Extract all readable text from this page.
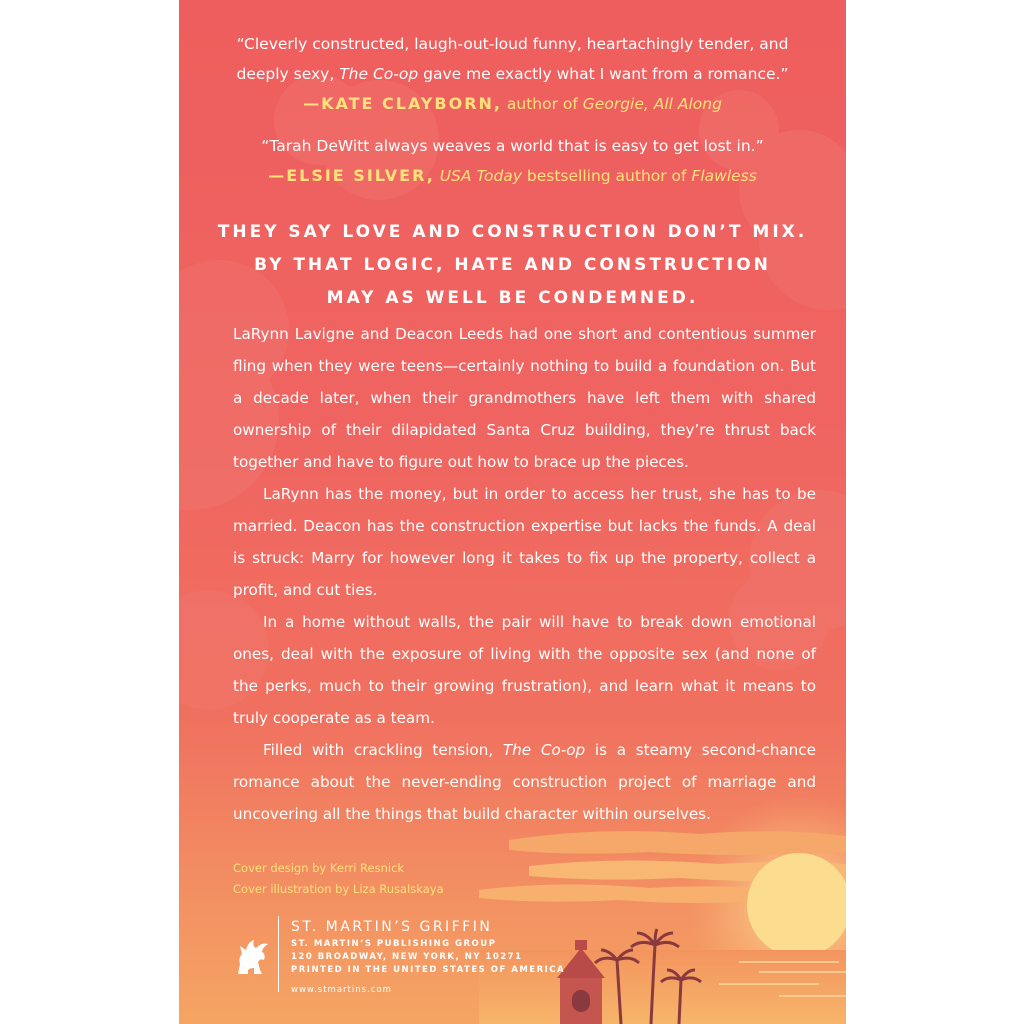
“Cleverly constructed, laugh-out-loud funny, heartachingly tender, and deeply sexy, The Co-op gave me exactly what I want from a romance.”
—KATE CLAYBORN, author of Georgie, All Along
“Tarah DeWitt always weaves a world that is easy to get lost in.”
—ELSIE SILVER, USA Today bestselling author of Flawless
THEY SAY LOVE AND CONSTRUCTION DON’T MIX.
BY THAT LOGIC, HATE AND CONSTRUCTION
MAY AS WELL BE CONDEMNED.

LaRynn Lavigne and Deacon Leeds had one short and contentious summer fling when they were teens—certainly nothing to build a foundation on. But a decade later, when their grandmothers have left them with shared ownership of their dilapidated Santa Cruz building, they’re thrust back together and have to figure out how to brace up the pieces.

LaRynn has the money, but in order to access her trust, she has to be married. Deacon has the construction expertise but lacks the funds. A deal is struck: Marry for however long it takes to fix up the property, collect a profit, and cut ties.

In a home without walls, the pair will have to break down emotional ones, deal with the exposure of living with the opposite sex (and none of the perks, much to their growing frustration), and learn what it means to truly cooperate as a team.

Filled with crackling tension, The Co-op is a steamy second-chance romance about the never-ending construction project of marriage and uncovering all the things that build character within ourselves.

Cover design by Kerri Resnick
Cover illustration by Liza Rusalskaya
ST. MARTIN’S GRIFFIN
ST. MARTIN’S PUBLISHING GROUP
120 BROADWAY, NEW YORK, NY 10271
PRINTED IN THE UNITED STATES OF AMERICA
www.stmartins.com
